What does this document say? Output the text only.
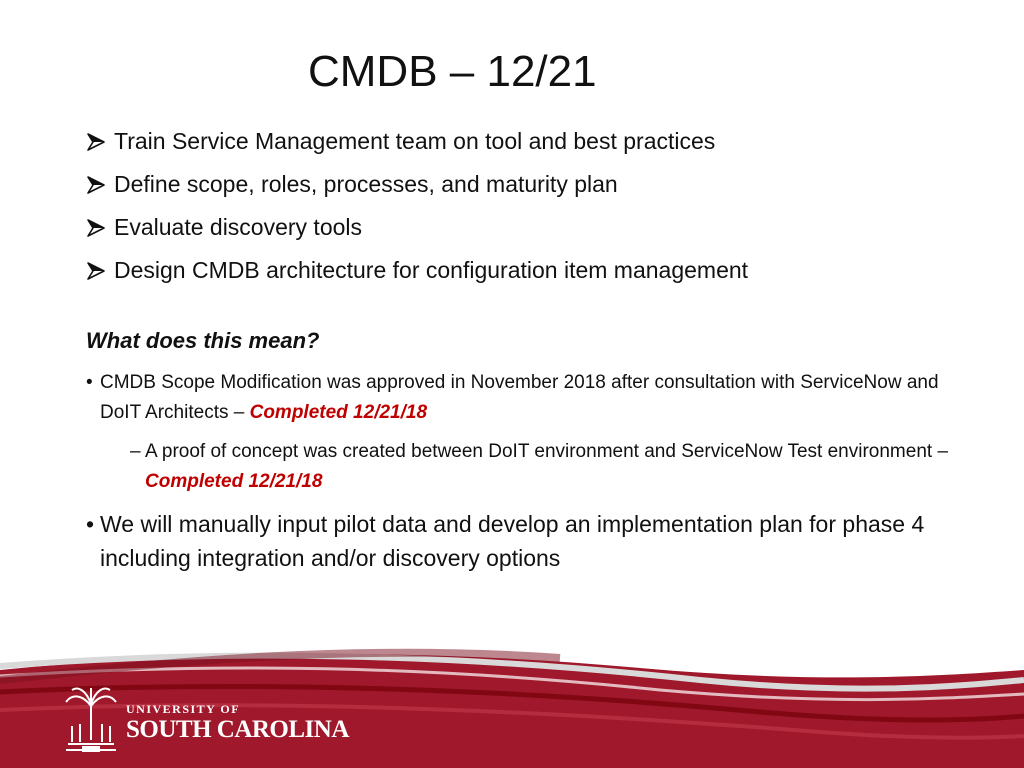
CMDB – 12/21
Train Service Management team on tool and best practices
Define scope, roles, processes, and maturity plan
Evaluate discovery tools
Design CMDB architecture for configuration item management
What does this mean?
• CMDB Scope Modification was approved in November 2018 after consultation with ServiceNow and DoIT Architects – Completed 12/21/18
– A proof of concept was created between DoIT environment and ServiceNow Test environment – Completed 12/21/18
• We will manually input pilot data and develop an implementation plan for phase 4 including integration and/or discovery options
UNIVERSITY OF
SOUTH CAROLINA
